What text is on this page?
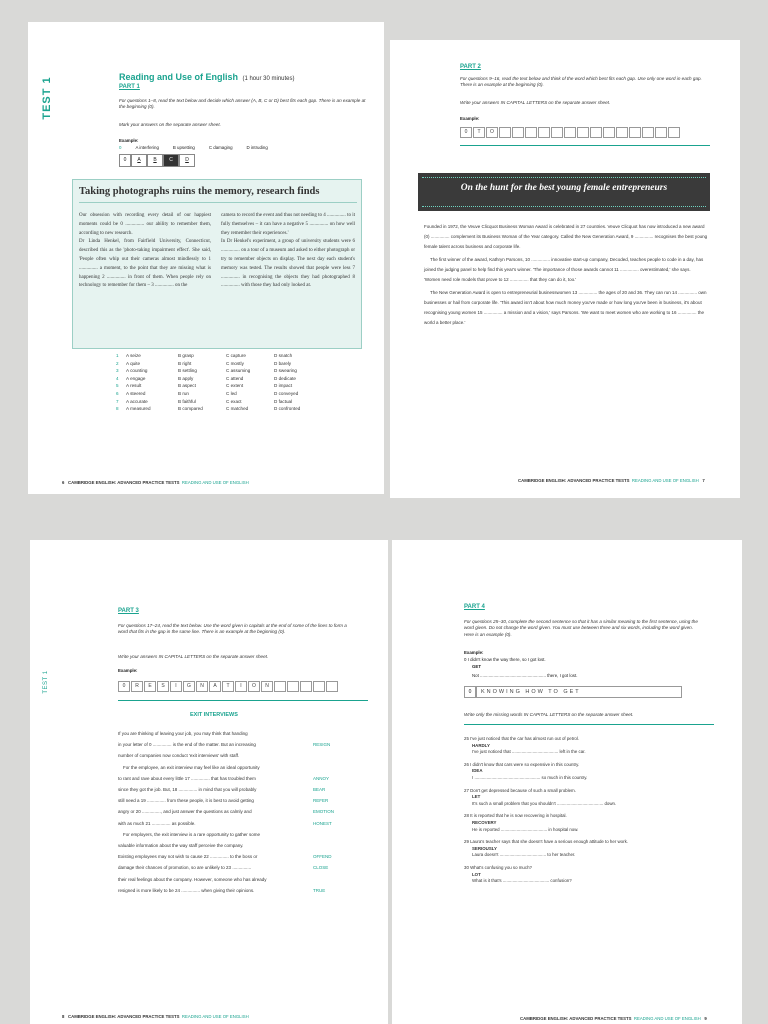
TEST 1	Reading and Use of English (1 hour 30 minutes)
PART 1
For questions 1–8, read the text below and decide which answer (A, B, C or D) best fits each gap. There is an example at the beginning (0).
Mark your answers on the separate answer sheet.
Example:
0	A interfering	B upsetting	C damaging	D intruding
0	A	B	C	D
Taking photographs ruins the memory, research finds
Our obsession with recording every detail of our happiest moments could be 0 ............... our ability to remember them, according to new research.
Dr Linda Henkel, from Fairfield University, Connecticut, described this as the 'photo-taking impairment effect'. She said, 'People often whip out their cameras almost mindlessly to 1 ............... a moment, to the point that they are missing what is happening 2 ............... in front of them. When people rely on technology to remember for them – 3 ............... on the
camera to record the event and thus not needing to 4 ............... to it fully themselves – it can have a negative 5 ............... on how well they remember their experiences.'
In Dr Henkel's experiment, a group of university students were 6 ............... on a tour of a museum and asked to either photograph or try to remember objects on display. The next day each student's memory was tested. The results showed that people were less 7 ............... in recognising the objects they had photographed 8 ............... with those they had only looked at.
1	A seize	B grasp	C capture	D snatch
2	A quite	B right	C mostly	D barely
3	A counting	B settling	C assuming	D swearing
4	A engage	B apply	C attend	D dedicate
5	A result	B aspect	C extent	D impact
6	A steered	B run	C led	D conveyed
7	A accurate	B faithful	C exact	D factual
8	A measured	B compared	C matched	D confronted
6 CAMBRIDGE ENGLISH: ADVANCED PRACTICE TESTS READING AND USE OF ENGLISH
PART 2
For questions 9–16, read the text below and think of the word which best fits each gap. Use only one word in each gap. There is an example at the beginning (0).
Write your answers IN CAPITAL LETTERS on the separate answer sheet.
Example:
0	T	O
On the hunt for the best young female entrepreneurs

Founded in 1972, the Veuve Clicquot Business Woman Award is celebrated in 27 countries. Veuve Clicquot has now introduced a new award (0) ............... complement its Business Woman of the Year category. Called the New Generation Award, 9 ............... recognises the best young female talent across business and corporate life.

The first winner of the award, Kathryn Parsons, 10 ............... innovative start-up company, Decoded, teaches people to code in a day, has joined the judging panel to help find this year's winner. 'The importance of those awards cannot 11 ............... overestimated,' she says. 'Women need role models that prove to 12 ............... that they can do it, too.'

The New Generation Award is open to entrepreneurial businesswomen 13 ............... the ages of 20 and 36. They can run 14 ............... own businesses or hail from corporate life. 'This award isn't about how much money you've made or how long you've been in business, it's about recognising young women 15 ............... a mission and a vision,' says Parsons. 'We want to meet women who are working to 16 ............... the world a better place.'

CAMBRIDGE ENGLISH: ADVANCED PRACTICE TESTS READING AND USE OF ENGLISH 7
TEST 1
PART 3
For questions 17–24, read the text below. Use the word given in capitals at the end of some of the lines to form a word that fits in the gap in the same line. There is an example at the beginning (0).
Write your answers IN CAPITAL LETTERS on the separate answer sheet.
Example:
0	R	E	S	I	G	N	A	T	I	O	N
EXIT INTERVIEWS
If you are thinking of leaving your job, you may think that handing
in your letter of 0 ............... is the end of the matter. But an increasing	RESIGN
number of companies now conduct 'exit interviews' with staff.
For the employee, an exit interview may feel like an ideal opportunity
to rant and rave about every little 17 ............... that has troubled them	ANNOY
since they got the job. But, 18 ............... in mind that you will probably	BEAR
still need a 19 ............... from these people, it is best to avoid getting	REFER
angry or 20 ..............., and just answer the questions as calmly and	EMOTION
with as much 21 ............... as possible.	HONEST
For employers, the exit interview is a rare opportunity to gather some
valuable information about the way staff perceive the company.
Existing employees may not wish to cause 22 ............... to the boss or	OFFEND
damage their chances of promotion, so are unlikely to 23 ...............	CLOSE
their real feelings about the company. However, someone who has already
resigned is more likely to be 24 ............... when giving their opinions.	TRUE
8 CAMBRIDGE ENGLISH: ADVANCED PRACTICE TESTS READING AND USE OF ENGLISH
PART 4
For questions 25–30, complete the second sentence so that it has a similar meaning to the first sentence, using the word given. Do not change the word given. You must use between three and six words, including the word given. Here is an example (0).
Example:
0 I didn't know the way there, so I got lost.
GET
Not ...................................................... there, I got lost.
0	KNOWING HOW TO GET
Write only the missing words IN CAPITAL LETTERS on the separate answer sheet.
25 I've just noticed that the car has almost run out of petrol.
HARDLY
I've just noticed that ...................................... left in the car.
26 I didn't know that cars were so expensive in this country.
IDEA
I ...................................................... so much in this country.
27 Don't get depressed because of such a small problem.
LET
It's such a small problem that you shouldn't ...................................... down.
28 It is reported that he is now recovering in hospital.
RECOVERY
He is reported ...................................... in hospital now.
29 Laura's teacher says that she doesn't have a serious enough attitude to her work.
SERIOUSLY
Laura doesn't ...................................... to her teacher.
30 What's confusing you so much?
LOT
What is it that's ...................................... confusion?
CAMBRIDGE ENGLISH: ADVANCED PRACTICE TESTS READING AND USE OF ENGLISH 9
